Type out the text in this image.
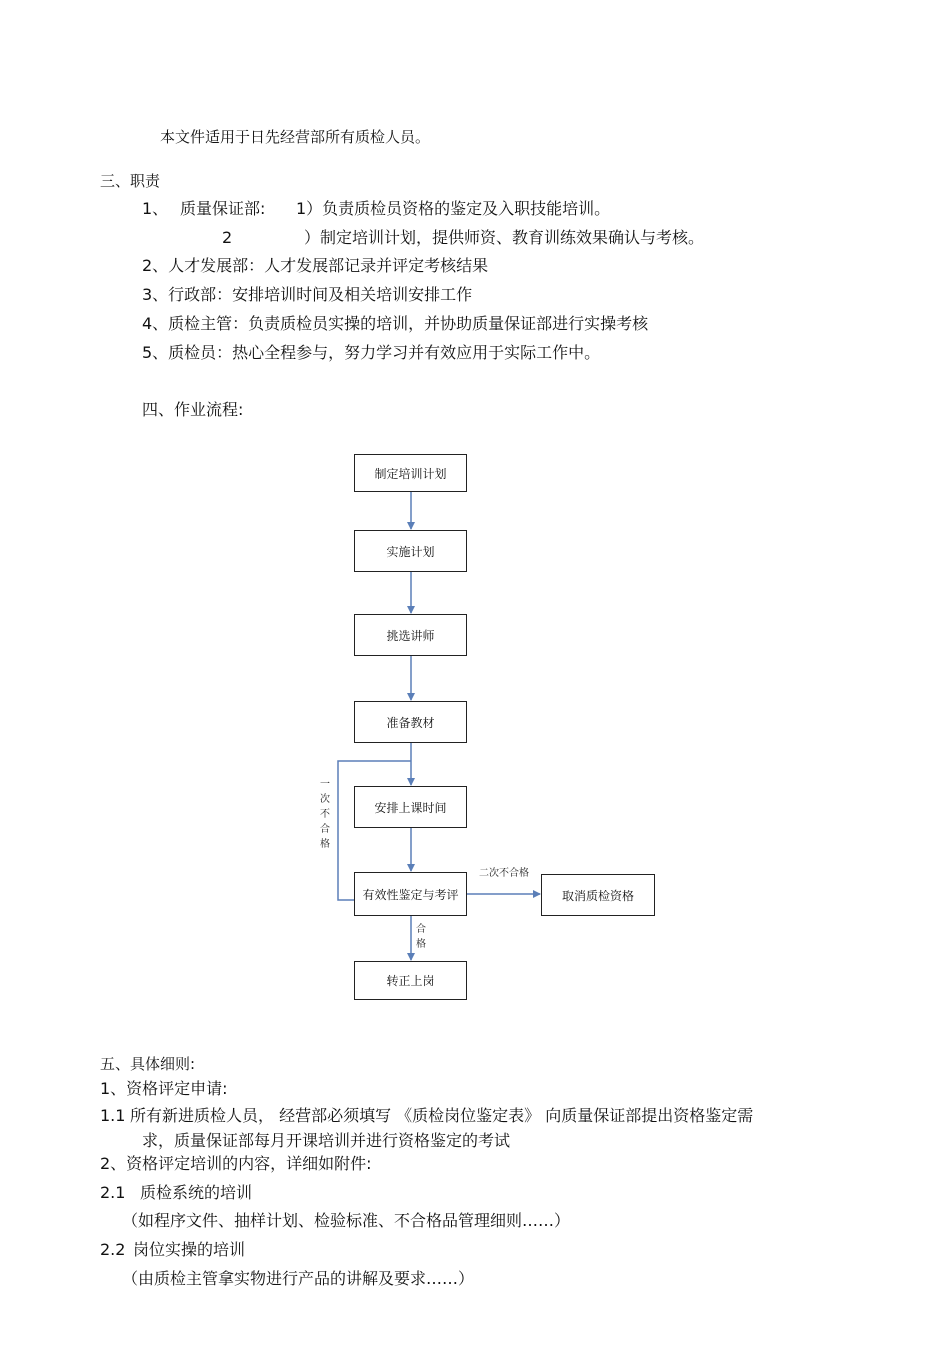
本文件适用于日先经营部所有质检人员。
三、职责
1、 质量保证部: 1）负责质检员资格的鉴定及入职技能培训。
2	）制定培训计划，提供师资、教育训练效果确认与考核。
2、人才发展部：人才发展部记录并评定考核结果
3、行政部：安排培训时间及相关培训安排工作
4、质检主管：负责质检员实操的培训，并协助质量保证部进行实操考核
5、质检员：热心全程参与，努力学习并有效应用于实际工作中。
四、作业流程:
制定培训计划
实施计划
挑选讲师
准备教材
安排上课时间
有效性鉴定与考评	取消质检资格
转正上岗
一次不合格
二次不合格
合格
五、具体细则:
1、资格评定申请:
1.1 所有新进质检人员， 经营部必须填写 《质检岗位鉴定表》 向质量保证部提出资格鉴定需
求，质量保证部每月开课培训并进行资格鉴定的考试
2、资格评定培训的内容，详细如附件:
2.1 质检系统的培训
（如程序文件、抽样计划、检验标准、不合格品管理细则……）
2.2 岗位实操的培训
（由质检主管拿实物进行产品的讲解及要求……）
